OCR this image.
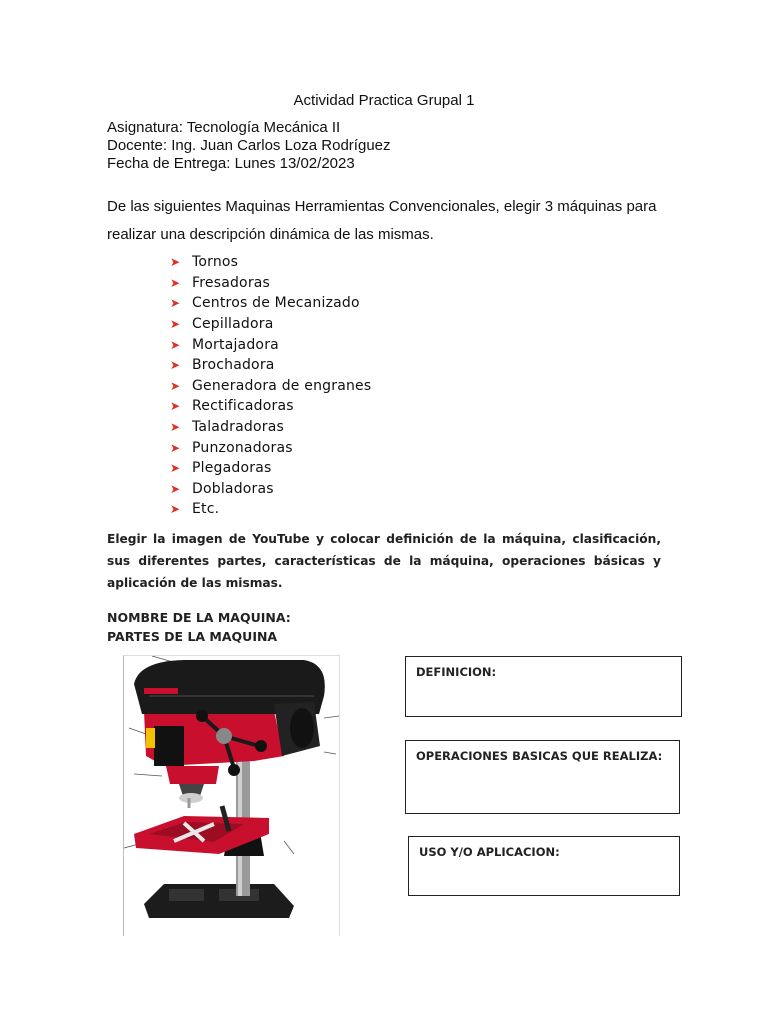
Actividad Practica Grupal 1
Asignatura: Tecnología Mecánica II
Docente: Ing. Juan Carlos Loza Rodríguez
Fecha de Entrega: Lunes 13/02/2023
De las siguientes Maquinas Herramientas Convencionales, elegir 3 máquinas para realizar una descripción dinámica de las mismas.
➤ Tornos
➤ Fresadoras
➤ Centros de Mecanizado
➤ Cepilladora
➤ Mortajadora
➤ Brochadora
➤ Generadora de engranes
➤ Rectificadoras
➤ Taladradoras
➤ Punzonadoras
➤ Plegadoras
➤ Dobladoras
➤ Etc.
Elegir la imagen de YouTube y colocar definición de la máquina, clasificación, sus diferentes partes, características de la máquina, operaciones básicas y aplicación de las mismas.
NOMBRE DE LA MAQUINA:
PARTES DE LA MAQUINA
DEFINICION:
OPERACIONES BASICAS QUE REALIZA:
USO Y/O APLICACION:
